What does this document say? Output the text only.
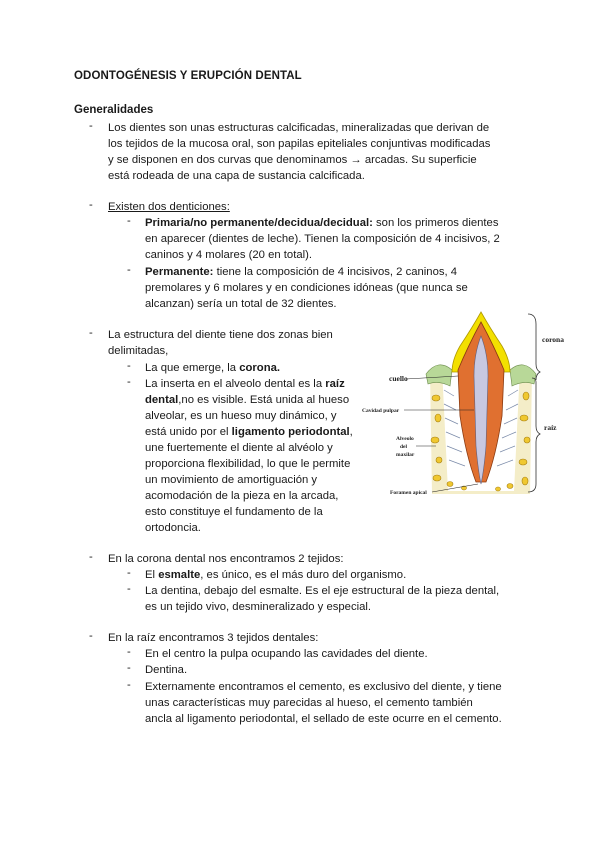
ODONTOGÉNESIS Y ERUPCIÓN DENTAL
Generalidades
- Los dientes son unas estructuras calcificadas, mineralizadas que derivan de
los tejidos de la mucosa oral, son papilas epiteliales conjuntivas modificadas
y se disponen en dos curvas que denominamos → arcadas. Su superficie
está rodeada de una capa de sustancia calcificada.
- Existen dos denticiones:
- Primaria/no permanente/decidua/decidual: son los primeros dientes
en aparecer (dientes de leche). Tienen la composición de 4 incisivos, 2
caninos y 4 molares (20 en total).
- Permanente: tiene la composición de 4 incisivos, 2 caninos, 4
premolares y 6 molares y en condiciones idóneas (que nunca se
alcanzan) sería un total de 32 dientes.
- La estructura del diente tiene dos zonas bien
delimitadas,
- La que emerge, la corona.
- La inserta en el alveolo dental es la raíz
dental,no es visible. Está unida al hueso
alveolar, es un hueso muy dinámico, y
está unido por el ligamento periodontal,
une fuertemente el diente al alvéolo y
proporciona flexibilidad, lo que le permite
un movimiento de amortiguación y
acomodación de la pieza en la arcada,
esto constituye el fundamento de la
ortodoncia.
cuello
Cavidad pulpar
Alveolo
del
maxilar
Foramen apical
corona
raíz
- En la corona dental nos encontramos 2 tejidos:
- El esmalte, es único, es el más duro del organismo.
- La dentina, debajo del esmalte. Es el eje estructural de la pieza dental,
es un tejido vivo, desmineralizado y especial.
- En la raíz encontramos 3 tejidos dentales:
- En el centro la pulpa ocupando las cavidades del diente.
- Dentina.
- Externamente encontramos el cemento, es exclusivo del diente, y tiene
unas características muy parecidas al hueso, el cemento también
ancla al ligamento periodontal, el sellado de este ocurre en el cemento.
